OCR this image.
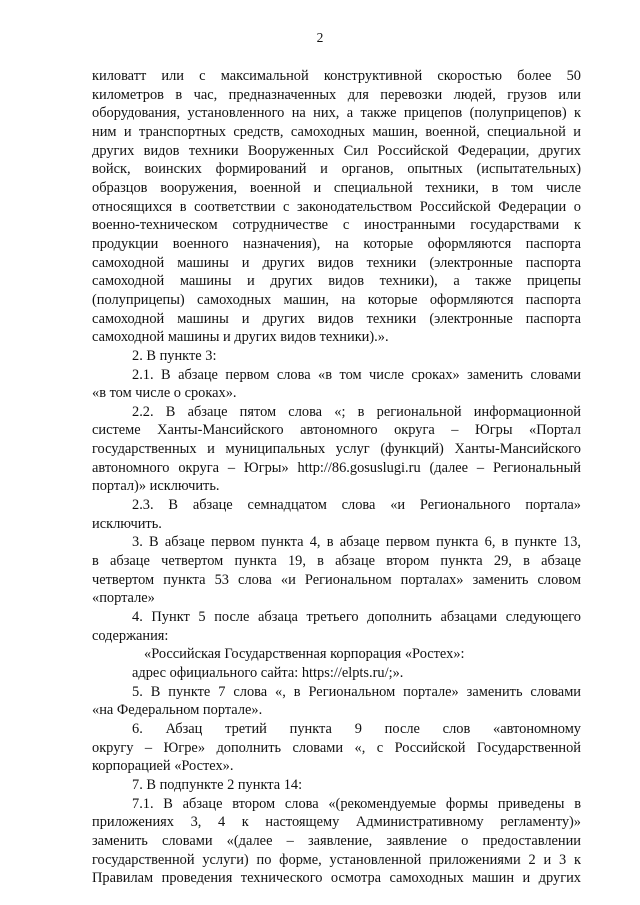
2
киловатт или с максимальной конструктивной скоростью более 50
километров в час, предназначенных для перевозки людей, грузов или
оборудования, установленного на них, а также прицепов (полуприцепов) к
ним и транспортных средств, самоходных машин, военной, специальной и
других видов техники Вооруженных Сил Российской Федерации, других
войск, воинских формирований и органов, опытных (испытательных)
образцов вооружения, военной и специальной техники, в том числе
относящихся в соответствии с законодательством Российской Федерации о
военно-техническом сотрудничестве с иностранными государствами к
продукции военного назначения), на которые оформляются паспорта
самоходной машины и других видов техники (электронные паспорта
самоходной машины и других видов техники), а также прицепы
(полуприцепы) самоходных машин, на которые оформляются паспорта
самоходной машины и других видов техники (электронные паспорта
самоходной машины и других видов техники).».
2. В пункте 3:
2.1. В абзаце первом слова «в том числе сроках» заменить словами
«в том числе о сроках».
2.2. В абзаце пятом слова «; в региональной информационной
системе Ханты-Мансийского автономного округа – Югры «Портал
государственных и муниципальных услуг (функций) Ханты-Мансийского
автономного округа – Югры» http://86.gosuslugi.ru (далее – Региональный
портал)» исключить.
2.3. В абзаце семнадцатом слова «и Регионального портала»
исключить.
3. В абзаце первом пункта 4, в абзаце первом пункта 6, в пункте 13,
в абзаце четвертом пункта 19, в абзаце втором пункта 29, в абзаце
четвертом пункта 53 слова «и Региональном порталах» заменить словом
«портале»
4. Пункт 5 после абзаца третьего дополнить абзацами следующего
содержания:
«Российская Государственная корпорация «Ростех»:
адрес официального сайта: https://elpts.ru/;».
5. В пункте 7 слова «, в Региональном портале» заменить словами
«на Федеральном портале».
6. Абзац третий пункта 9 после слов «автономному
округу – Югре» дополнить словами «, с Российской Государственной
корпорацией «Ростех».
7. В подпункте 2 пункта 14:
7.1. В абзаце втором слова «(рекомендуемые формы приведены в
приложениях 3, 4 к настоящему Административному регламенту)»
заменить словами «(далее – заявление, заявление о предоставлении
государственной услуги) по форме, установленной приложениями 2 и 3 к
Правилам проведения технического осмотра самоходных машин и других
